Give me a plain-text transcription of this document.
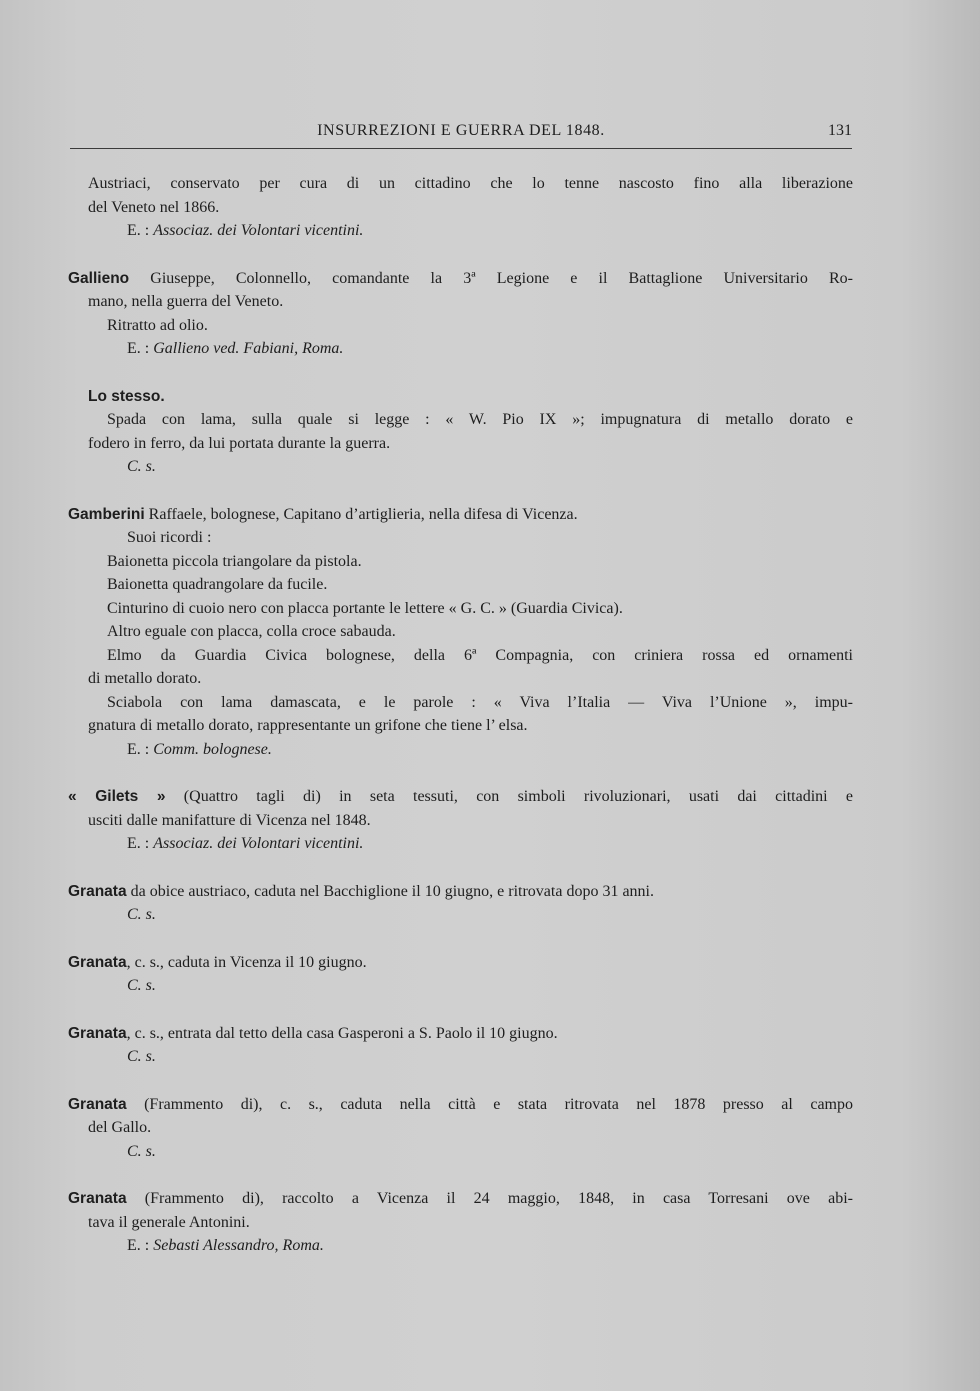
INSURREZIONI E GUERRA DEL 1848.	131

Austriaci, conservato per cura di un cittadino che lo tenne nascosto fino alla liberazione

del Veneto nel 1866.

E. : Associaz. dei Volontari vicentini.

Gallieno Giuseppe, Colonnello, comandante la 3ª Legione e il Battaglione Universitario Ro-

mano, nella guerra del Veneto.

Ritratto ad olio.

E. : Gallieno ved. Fabiani, Roma.

Lo stesso.

Spada con lama, sulla quale si legge : « W. Pio IX »; impugnatura di metallo dorato e

fodero in ferro, da lui portata durante la guerra.

C. s.

Gamberini Raffaele, bolognese, Capitano d’artiglieria, nella difesa di Vicenza.

Suoi ricordi :

Baionetta piccola triangolare da pistola.

Baionetta quadrangolare da fucile.

Cinturino di cuoio nero con placca portante le lettere « G. C. » (Guardia Civica).

Altro eguale con placca, colla croce sabauda.

Elmo da Guardia Civica bolognese, della 6ª Compagnia, con criniera rossa ed ornamenti

di metallo dorato.

Sciabola con lama damascata, e le parole : « Viva l’Italia — Viva l’Unione », impu-

gnatura di metallo dorato, rappresentante un grifone che tiene l’ elsa.

E. : Comm. bolognese.

« Gilets » (Quattro tagli di) in seta tessuti, con simboli rivoluzionari, usati dai cittadini e

usciti dalle manifatture di Vicenza nel 1848.

E. : Associaz. dei Volontari vicentini.

Granata da obice austriaco, caduta nel Bacchiglione il 10 giugno, e ritrovata dopo 31 anni.

C. s.

Granata, c. s., caduta in Vicenza il 10 giugno.

C. s.

Granata, c. s., entrata dal tetto della casa Gasperoni a S. Paolo il 10 giugno.

C. s.

Granata (Frammento di), c. s., caduta nella città e stata ritrovata nel 1878 presso al campo

del Gallo.

C. s.

Granata (Frammento di), raccolto a Vicenza il 24 maggio, 1848, in casa Torresani ove abi-

tava il generale Antonini.

E. : Sebasti Alessandro, Roma.
